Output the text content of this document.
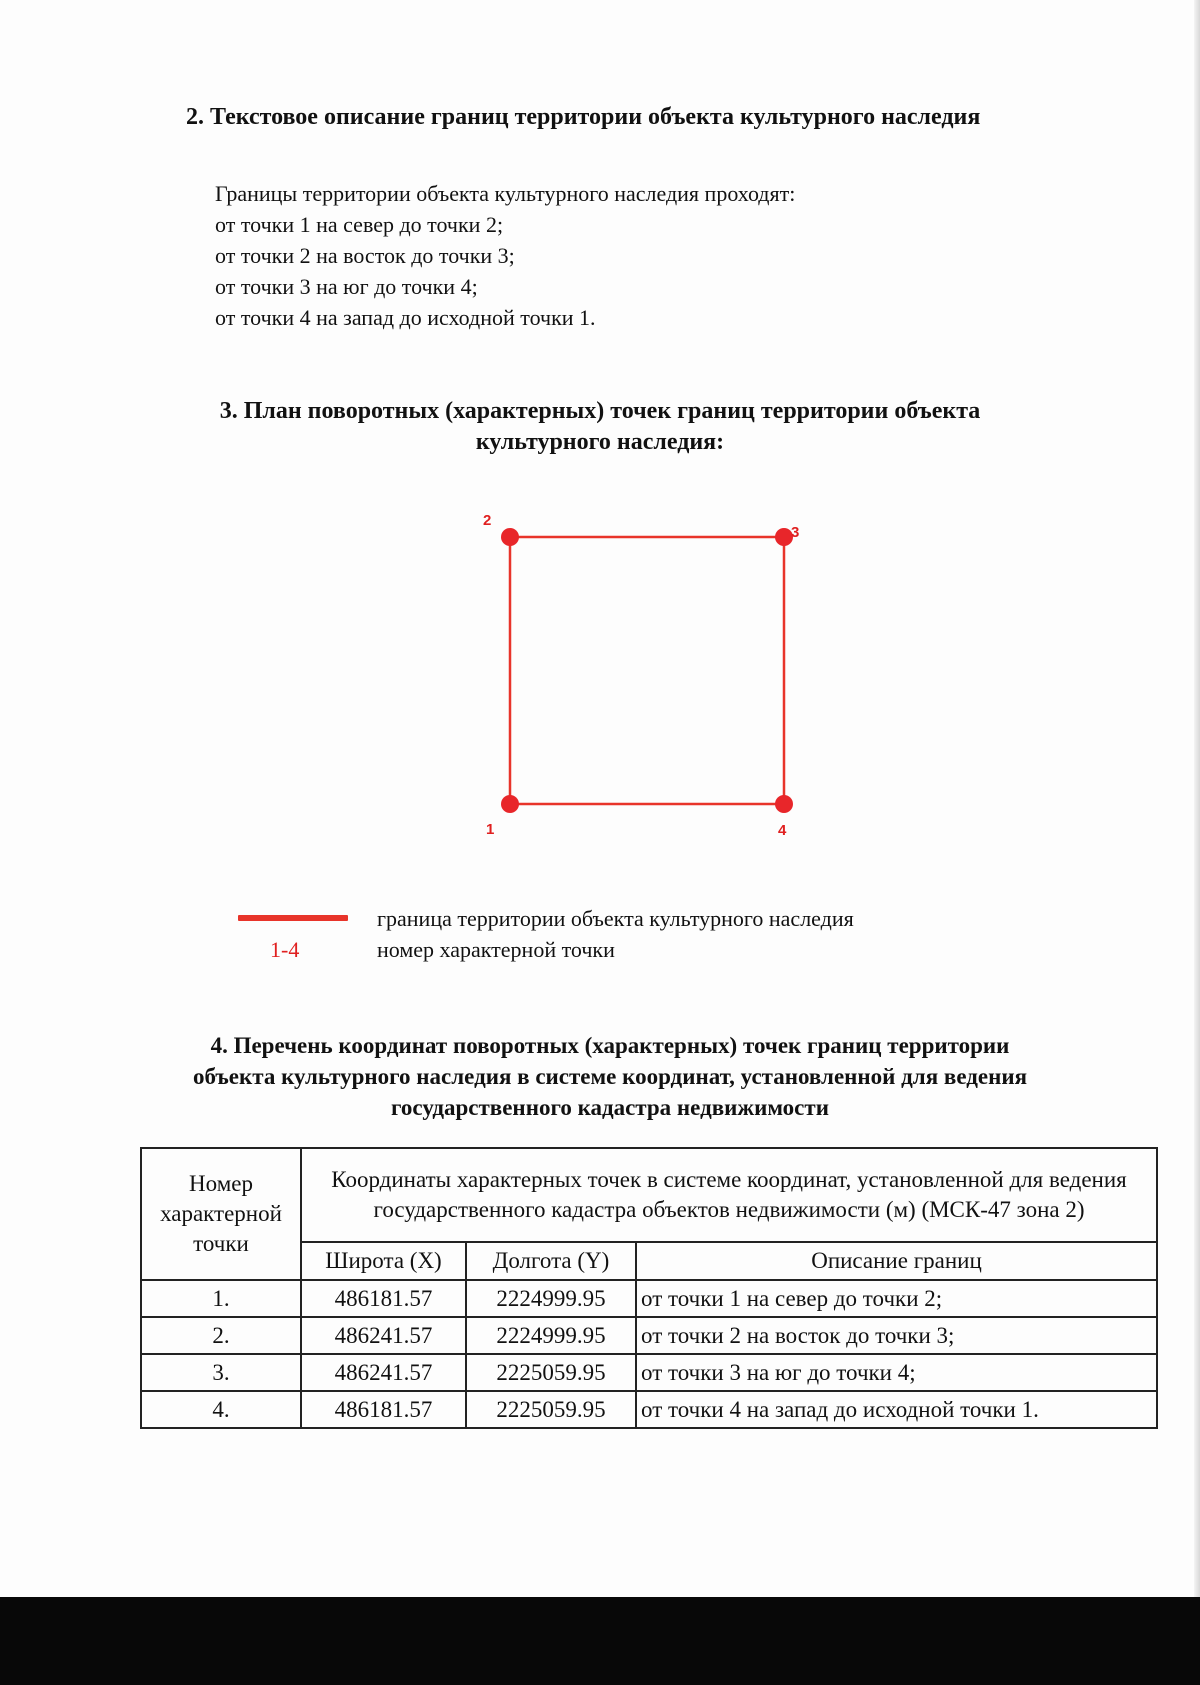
2. Текстовое описание границ территории объекта культурного наследия
Границы территории объекта культурного наследия проходят:
от точки 1 на север до точки 2;
от точки 2 на восток до точки 3;
от точки 3 на юг до точки 4;
от точки 4 на запад до исходной точки 1.
3. План поворотных (характерных) точек границ территории объекта
культурного наследия:
1
2
3
4
граница территории объекта культурного наследия
1-4	номер характерной точки
4. Перечень координат поворотных (характерных) точек границ территории
объекта культурного наследия в системе координат, установленной для ведения
государственного кадастра недвижимости
Номер характерной точки	Координаты характерных точек в системе координат, установленной для ведения государственного кадастра объектов недвижимости (м) (МСК-47 зона 2)		
	Широта (X)	Долгота (Y)	Описание границ
1.	486181.57	2224999.95	от точки 1 на север до точки 2;
2.	486241.57	2224999.95	от точки 2 на восток до точки 3;
3.	486241.57	2225059.95	от точки 3 на юг до точки 4;
4.	486181.57	2225059.95	от точки 4 на запад до исходной точки 1.
